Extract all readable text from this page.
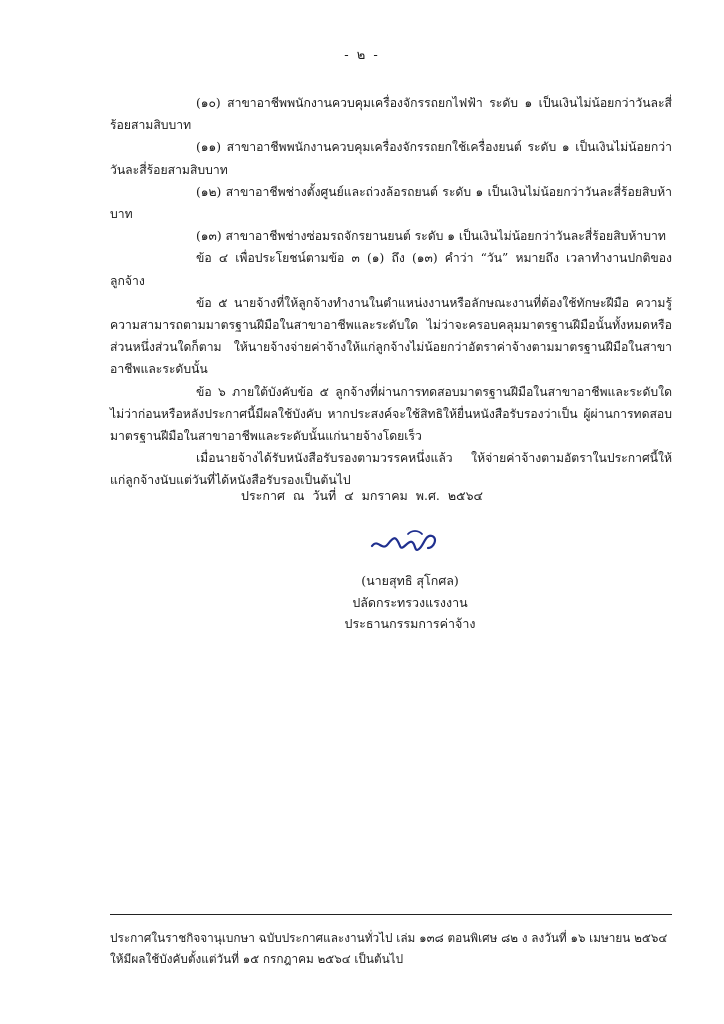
- ๒ -

(๑๐) สาขาอาชีพพนักงานควบคุมเครื่องจักรรถยกไฟฟ้า ระดับ ๑ เป็นเงินไม่น้อยกว่าวันละสี่ร้อยสามสิบบาท

(๑๑) สาขาอาชีพพนักงานควบคุมเครื่องจักรรถยกใช้เครื่องยนต์ ระดับ ๑ เป็นเงินไม่น้อยกว่าวันละสี่ร้อยสามสิบบาท

(๑๒) สาขาอาชีพช่างตั้งศูนย์และถ่วงล้อรถยนต์ ระดับ ๑ เป็นเงินไม่น้อยกว่าวันละสี่ร้อยสิบห้าบาท

(๑๓) สาขาอาชีพช่างซ่อมรถจักรยานยนต์ ระดับ ๑ เป็นเงินไม่น้อยกว่าวันละสี่ร้อยสิบห้าบาท

ข้อ ๔ เพื่อประโยชน์ตามข้อ ๓ (๑) ถึง (๑๓) คำว่า “วัน” หมายถึง เวลาทำงานปกติของลูกจ้าง

ข้อ ๕ นายจ้างที่ให้ลูกจ้างทำงานในตำแหน่งงานหรือลักษณะงานที่ต้องใช้ทักษะฝีมือ ความรู้ ความสามารถตามมาตรฐานฝีมือในสาขาอาชีพและระดับใด ไม่ว่าจะครอบคลุมมาตรฐานฝีมือนั้นทั้งหมดหรือส่วนหนึ่งส่วนใดก็ตาม ให้นายจ้างจ่ายค่าจ้างให้แก่ลูกจ้างไม่น้อยกว่าอัตราค่าจ้างตามมาตรฐานฝีมือในสาขาอาชีพและระดับนั้น

ข้อ ๖ ภายใต้บังคับข้อ ๕ ลูกจ้างที่ผ่านการทดสอบมาตรฐานฝีมือในสาขาอาชีพและระดับใด ไม่ว่าก่อนหรือหลังประกาศนี้มีผลใช้บังคับ หากประสงค์จะใช้สิทธิให้ยื่นหนังสือรับรองว่าเป็น ผู้ผ่านการทดสอบมาตรฐานฝีมือในสาขาอาชีพและระดับนั้นแก่นายจ้างโดยเร็ว

เมื่อนายจ้างได้รับหนังสือรับรองตามวรรคหนึ่งแล้ว ให้จ่ายค่าจ้างตามอัตราในประกาศนี้ให้แก่ลูกจ้างนับแต่วันที่ได้หนังสือรับรองเป็นต้นไป

ประกาศ ณ วันที่ ๔ มกราคม พ.ศ. ๒๕๖๔
(นายสุทธิ สุโกศล)
ปลัดกระทรวงแรงงาน
ประธานกรรมการค่าจ้าง
ประกาศในราชกิจจานุเบกษา ฉบับประกาศและงานทั่วไป เล่ม ๑๓๘ ตอนพิเศษ ๘๒ ง ลงวันที่ ๑๖ เมษายน ๒๕๖๔
ให้มีผลใช้บังคับตั้งแต่วันที่ ๑๕ กรกฎาคม ๒๕๖๔ เป็นต้นไป
